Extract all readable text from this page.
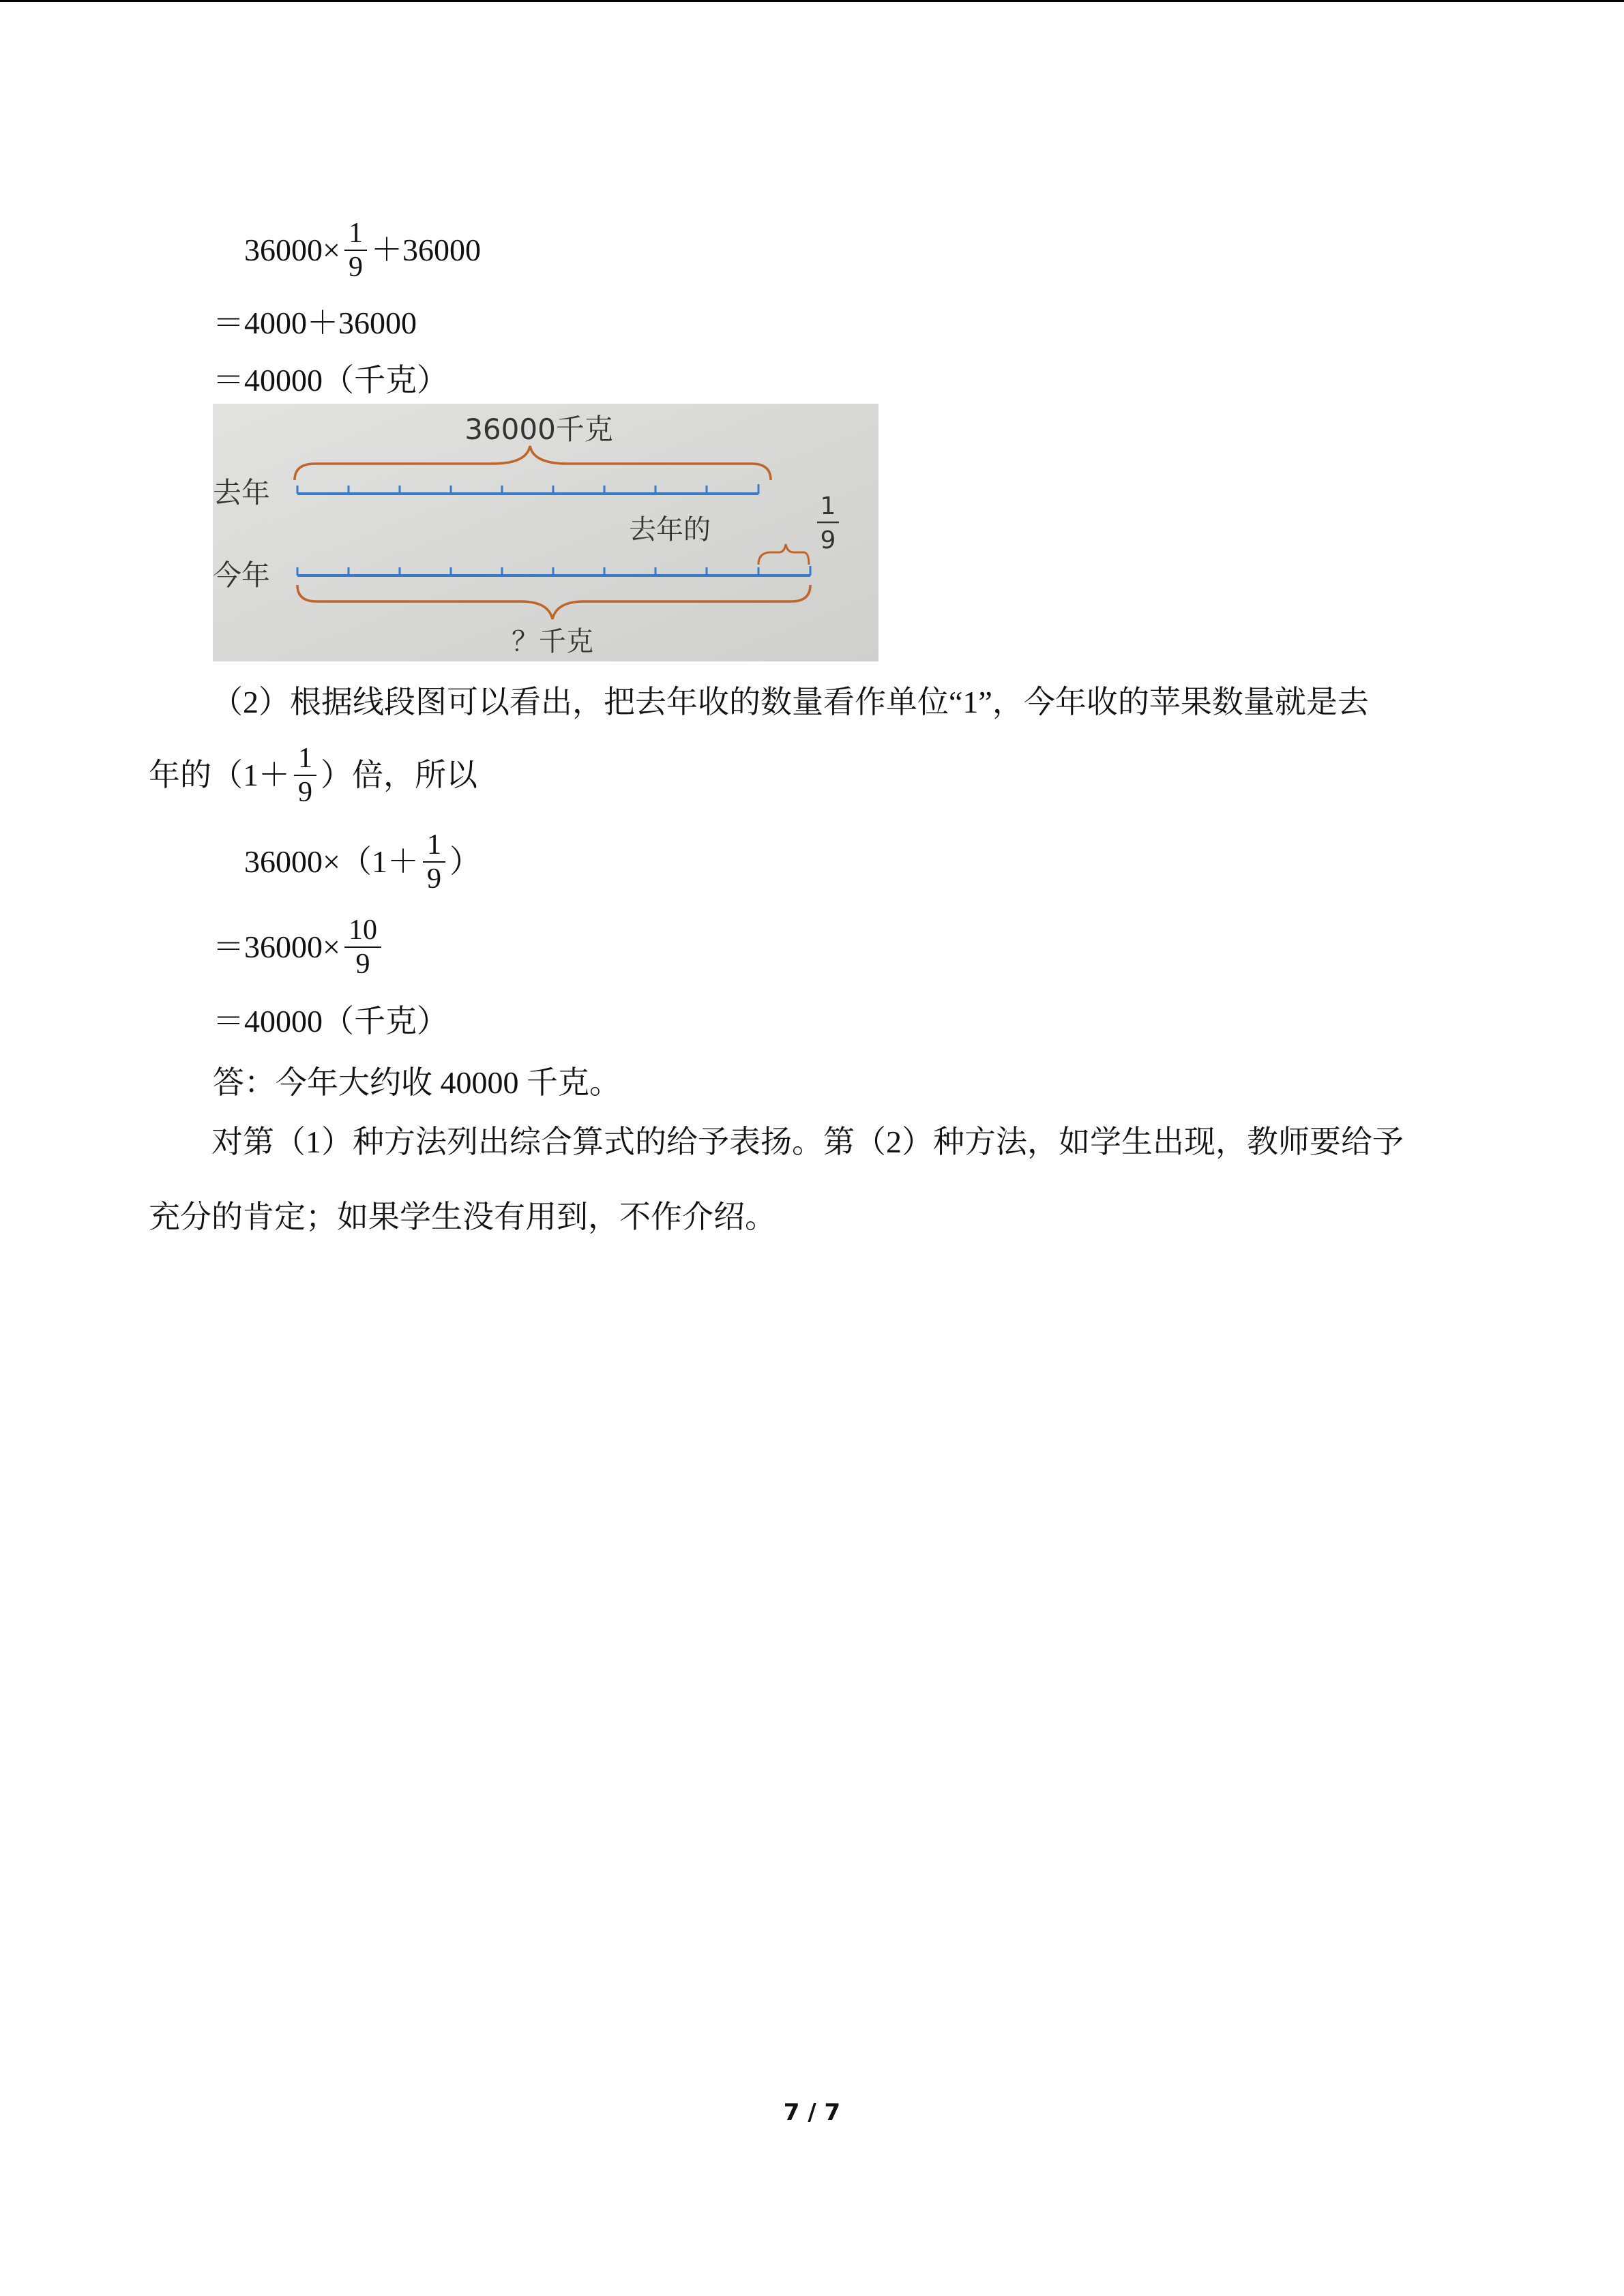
$36000\times \frac{1}{9} +36000$
＝4000＋36000
＝40000（千克）
36000千克
去年
去年的
1
9
今年
？千克
（2）根据线段图可以看出，把去年收的数量看作单位“1”，今年收的苹果数量就是去
年的（$1+ \frac{1}{9}$ ）倍，所以
$36000\times(1+ \frac{1}{9}$ ）
$=36000\times \frac{10}{9}$
＝40000（千克）
答：今年大约收 40000 千克。
对第（1）种方法列出综合算式的给予表扬。第（2）种方法，如学生出现，教师要给予
充分的肯定；如果学生没有用到，不作介绍。
7 / 7
